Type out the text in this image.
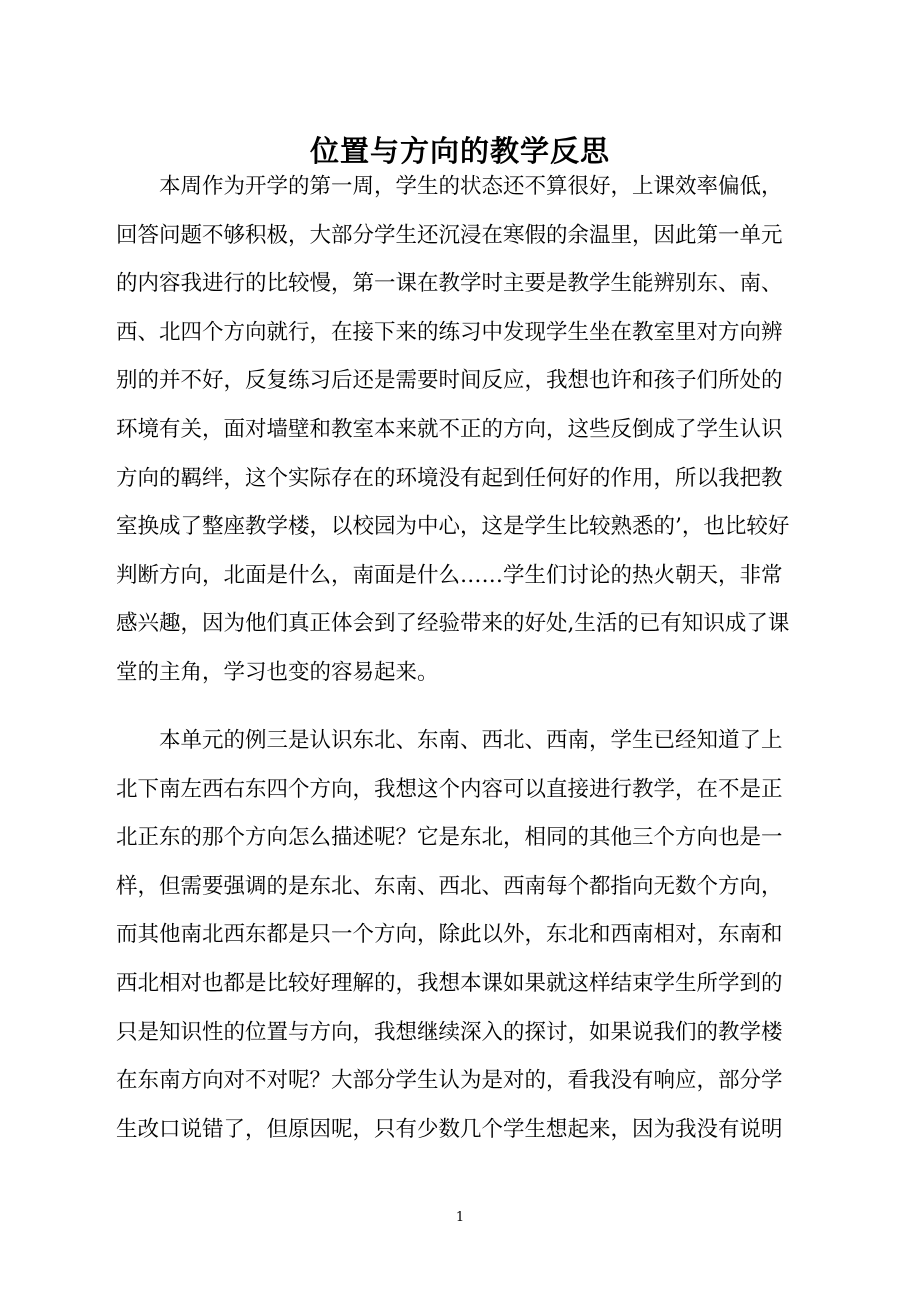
位置与方向的教学反思
本周作为开学的第一周，学生的状态还不算很好，上课效率偏低，
回答问题不够积极，大部分学生还沉浸在寒假的余温里，因此第一单元
的内容我进行的比较慢，第一课在教学时主要是教学生能辨别东、南、
西、北四个方向就行，在接下来的练习中发现学生坐在教室里对方向辨
别的并不好，反复练习后还是需要时间反应，我想也许和孩子们所处的
环境有关，面对墙壁和教室本来就不正的方向，这些反倒成了学生认识
方向的羁绊，这个实际存在的环境没有起到任何好的作用，所以我把教
室换成了整座教学楼，以校园为中心，这是学生比较熟悉的’，也比较好
判断方向，北面是什么，南面是什么……学生们讨论的热火朝天，非常
感兴趣，因为他们真正体会到了经验带来的好处,生活的已有知识成了课
堂的主角，学习也变的容易起来。
本单元的例三是认识东北、东南、西北、西南，学生已经知道了上
北下南左西右东四个方向，我想这个内容可以直接进行教学，在不是正
北正东的那个方向怎么描述呢？它是东北，相同的其他三个方向也是一
样，但需要强调的是东北、东南、西北、西南每个都指向无数个方向，
而其他南北西东都是只一个方向，除此以外，东北和西南相对，东南和
西北相对也都是比较好理解的，我想本课如果就这样结束学生所学到的
只是知识性的位置与方向，我想继续深入的探讨，如果说我们的教学楼
在东南方向对不对呢？大部分学生认为是对的，看我没有响应，部分学
生改口说错了，但原因呢，只有少数几个学生想起来，因为我没有说明
1
